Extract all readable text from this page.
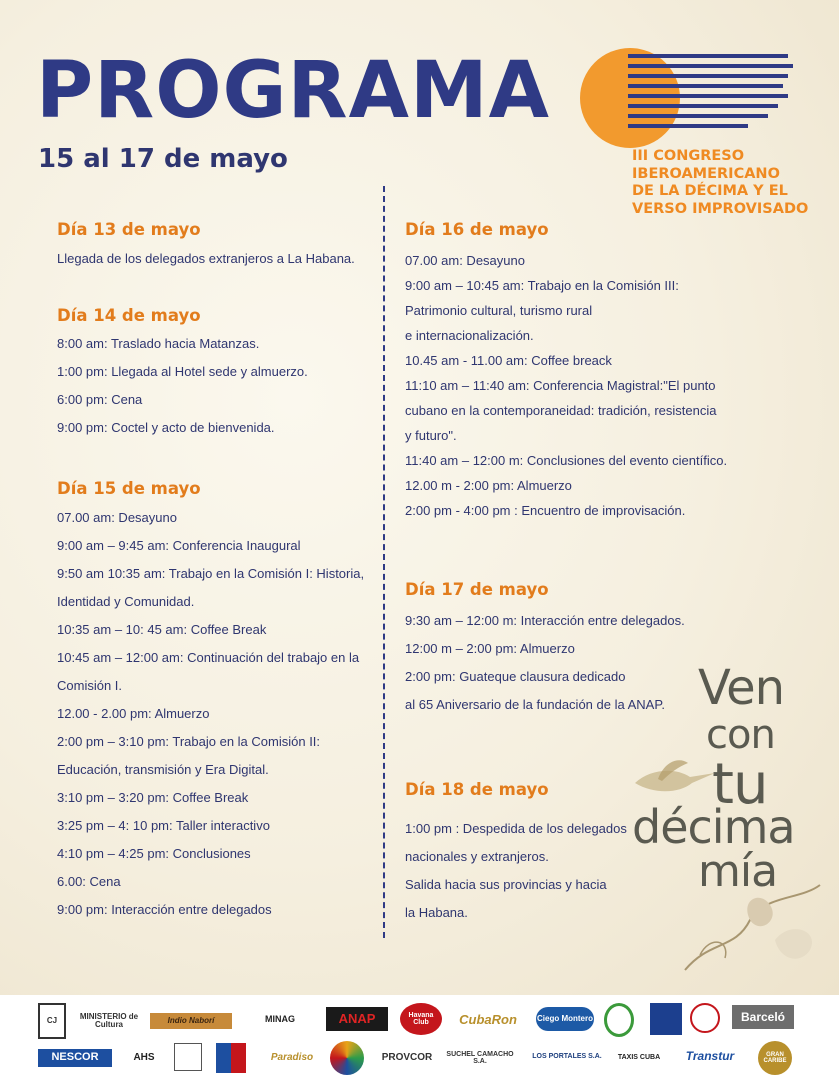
PROGRAMA
15 al 17 de mayo	III CONGRESO
IBEROAMERICANO
DE LA DÉCIMA Y EL
VERSO IMPROVISADO
Día 13 de mayo
Llegada de los delegados extranjeros a La Habana.
Día 14 de mayo
8:00 am: Traslado hacia Matanzas.
1:00 pm: Llegada al Hotel sede y almuerzo.
6:00 pm: Cena
9:00 pm: Coctel y acto de bienvenida.
Día 15 de mayo
07.00 am: Desayuno
9:00 am – 9:45 am: Conferencia Inaugural
9:50 am 10:35 am: Trabajo en la Comisión I: Historia,
Identidad y Comunidad.
10:35 am – 10: 45 am: Coffee Break
10:45 am – 12:00 am: Continuación del trabajo en la
Comisión I.
12.00 - 2.00 pm: Almuerzo
2:00 pm – 3:10 pm: Trabajo en la Comisión II:
Educación, transmisión y Era Digital.
3:10 pm – 3:20 pm: Coffee Break
3:25 pm – 4: 10 pm: Taller interactivo
4:10 pm – 4:25 pm: Conclusiones
6.00: Cena
9:00 pm: Interacción entre delegados
Día 16 de mayo
07.00 am: Desayuno
9:00 am – 10:45 am: Trabajo en la Comisión III:
Patrimonio cultural, turismo rural
e internacionalización.
10.45 am - 11.00 am: Coffee breack
11:10 am – 11:40 am: Conferencia Magistral:"El punto
cubano en la contemporaneidad: tradición, resistencia
y futuro".
11:40 am – 12:00 m: Conclusiones del evento científico.
12.00 m - 2:00 pm: Almuerzo
2:00 pm - 4:00 pm : Encuentro de improvisación.
Día 17 de mayo
9:30 am – 12:00 m: Interacción entre delegados.
12:00 m – 2:00 pm: Almuerzo
2:00 pm: Guateque clausura dedicado
al 65 Aniversario de la fundación de la ANAP.
Día 18 de mayo
1:00 pm : Despedida de los delegados
nacionales y extranjeros.
Salida hacia sus provincias y hacia
la Habana.
Ven
con
tu
décima
mía
CJ	MINISTERIO de Cultura	Indio Naborí	MINAG	ANAP	Havana Club	CubaRon	Ciego Montero	Barceló
NESCOR	AHS	Paradiso	PROVCOR	SUCHEL CAMACHO S.A.
LOS PORTALES S.A.	TAXIS CUBA	Transtur	GRAN CARIBE
